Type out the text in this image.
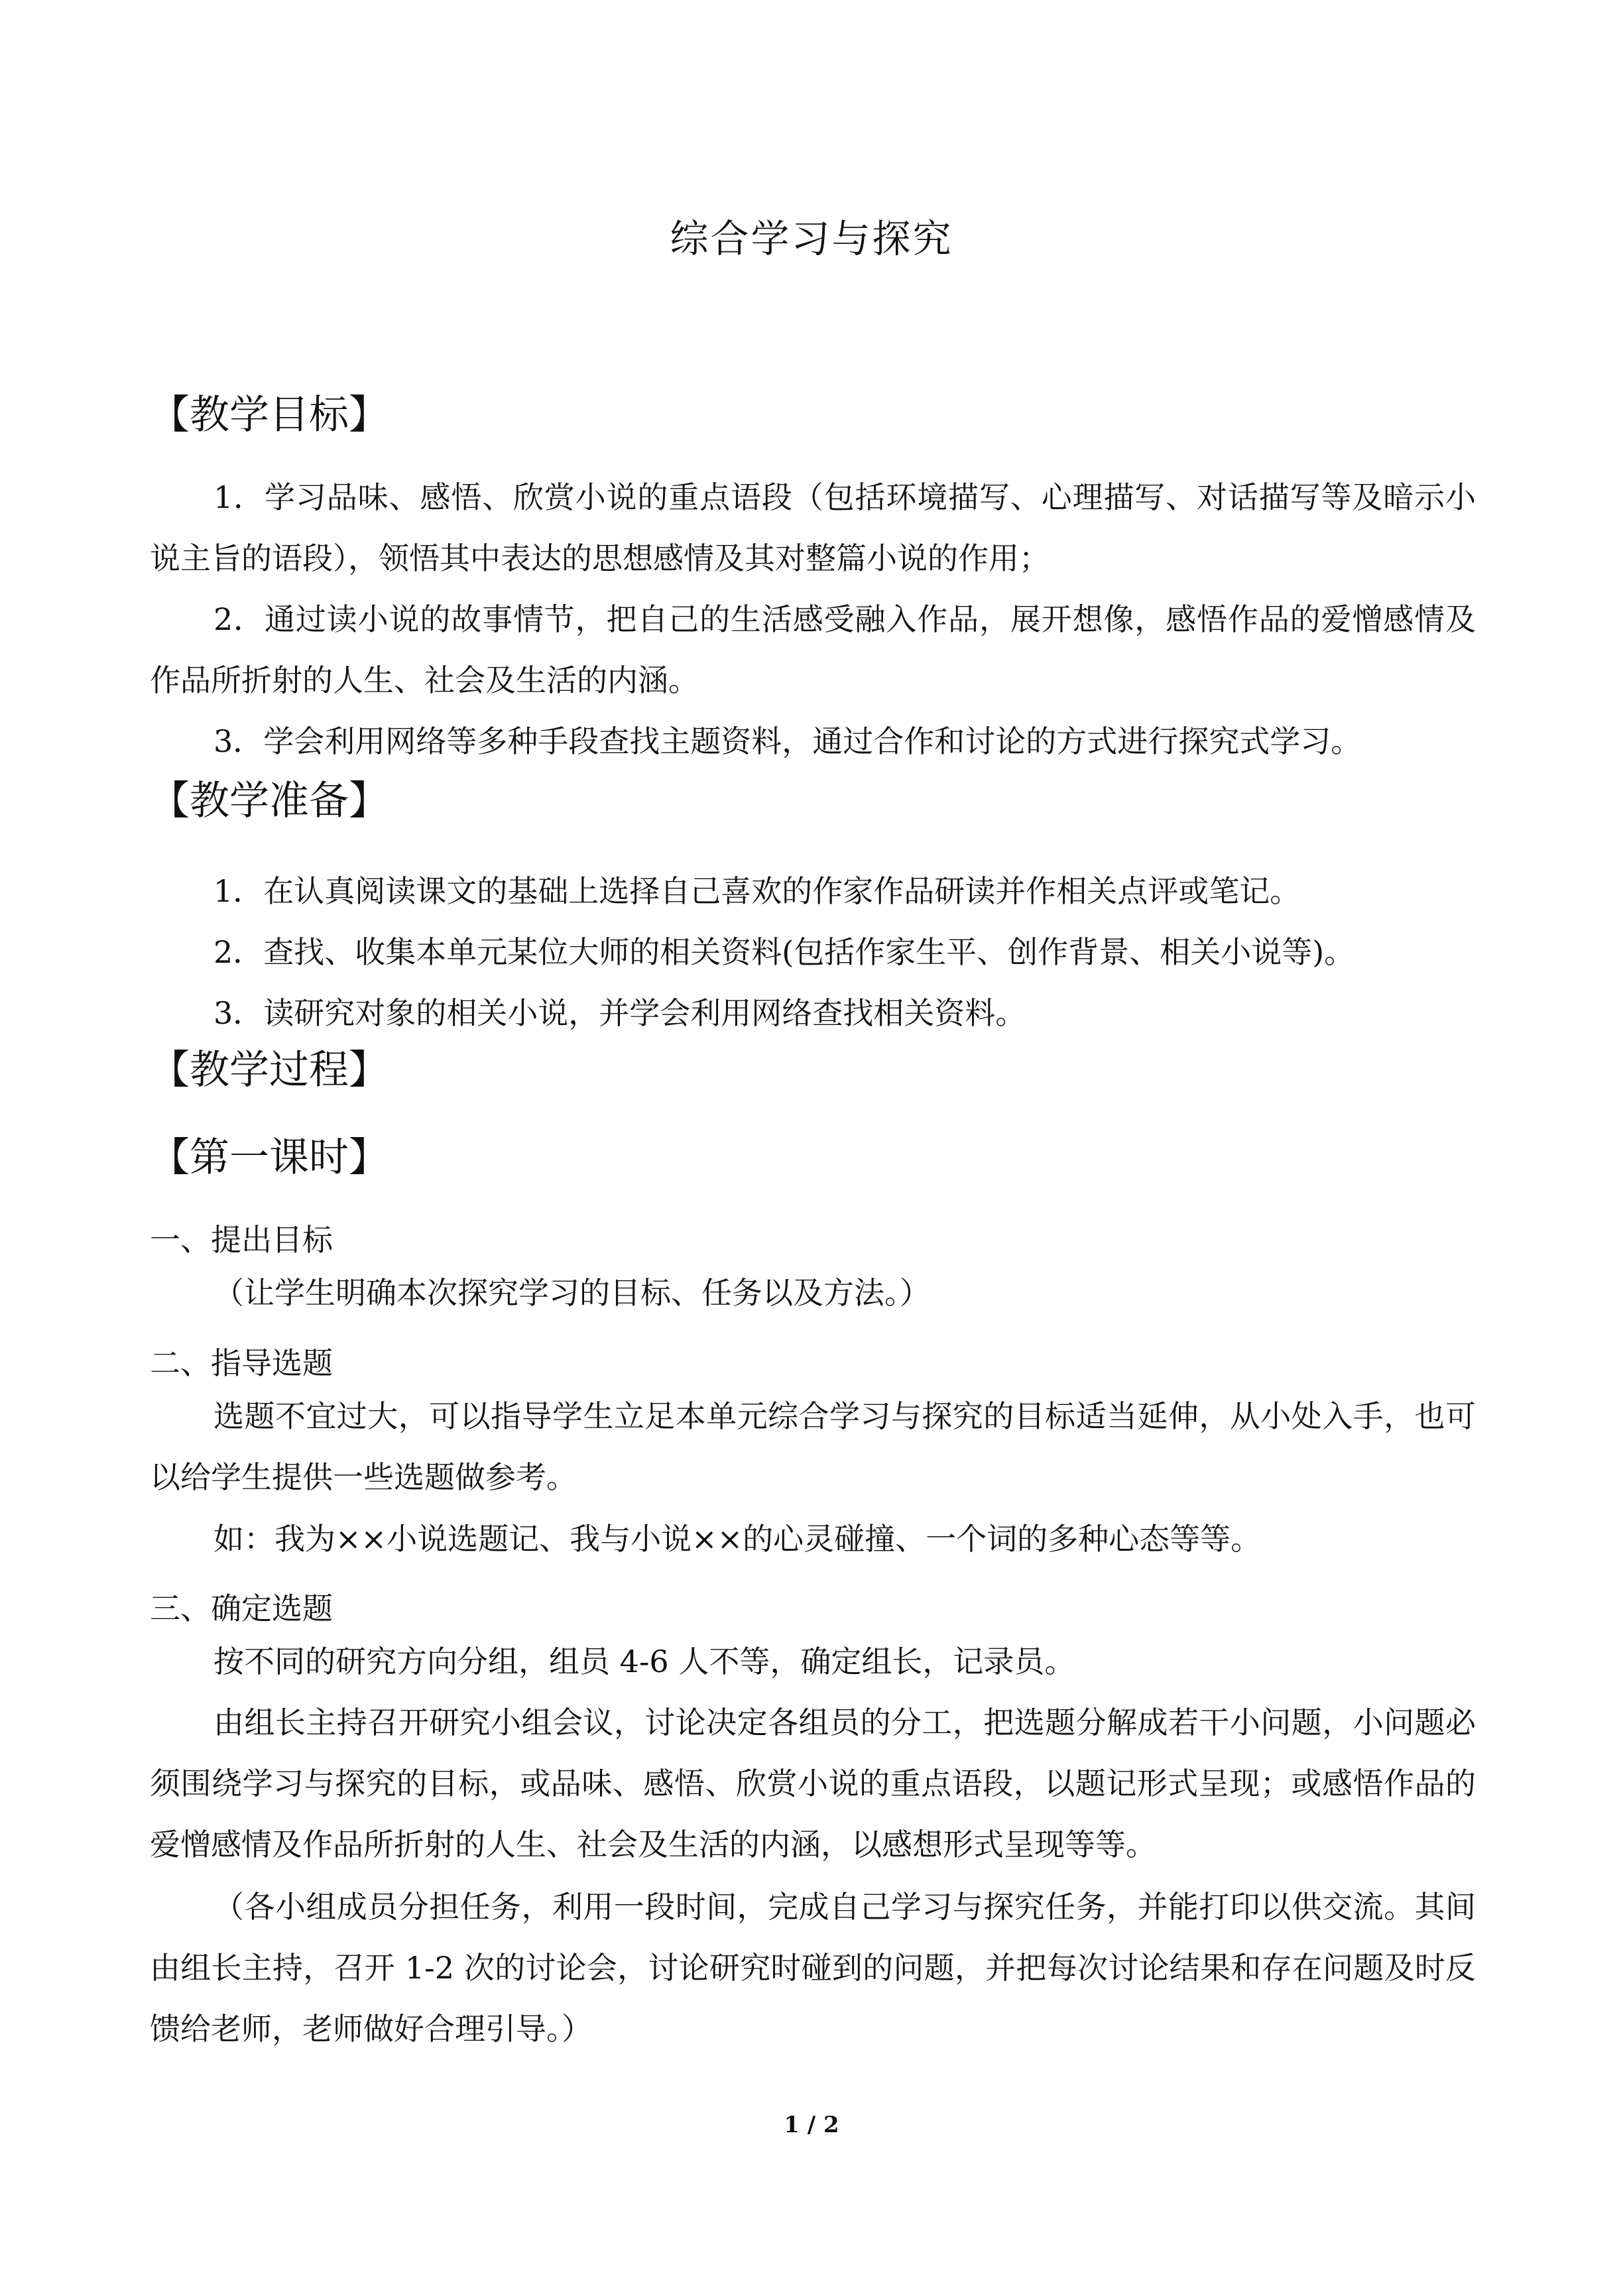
综合学习与探究
【教学目标】
1．学习品味、感悟、欣赏小说的重点语段（包括环境描写、心理描写、对话描写等及暗示小说主旨的语段），领悟其中表达的思想感情及其对整篇小说的作用；
2．通过读小说的故事情节，把自己的生活感受融入作品，展开想像，感悟作品的爱憎感情及作品所折射的人生、社会及生活的内涵。
3．学会利用网络等多种手段查找主题资料，通过合作和讨论的方式进行探究式学习。
【教学准备】
1．在认真阅读课文的基础上选择自己喜欢的作家作品研读并作相关点评或笔记。
2．查找、收集本单元某位大师的相关资料(包括作家生平、创作背景、相关小说等)。
3．读研究对象的相关小说，并学会利用网络查找相关资料。
【教学过程】
【第一课时】
一、提出目标
（让学生明确本次探究学习的目标、任务以及方法。）
二、指导选题
选题不宜过大，可以指导学生立足本单元综合学习与探究的目标适当延伸，从小处入手，也可以给学生提供一些选题做参考。
如：我为××小说选题记、我与小说××的心灵碰撞、一个词的多种心态等等。
三、确定选题
按不同的研究方向分组，组员 4-6 人不等，确定组长，记录员。
由组长主持召开研究小组会议，讨论决定各组员的分工，把选题分解成若干小问题，小问题必须围绕学习与探究的目标，或品味、感悟、欣赏小说的重点语段，以题记形式呈现；或感悟作品的爱憎感情及作品所折射的人生、社会及生活的内涵，以感想形式呈现等等。
（各小组成员分担任务，利用一段时间，完成自己学习与探究任务，并能打印以供交流。其间由组长主持，召开 1-2 次的讨论会，讨论研究时碰到的问题，并把每次讨论结果和存在问题及时反馈给老师，老师做好合理引导。）
1 / 2
